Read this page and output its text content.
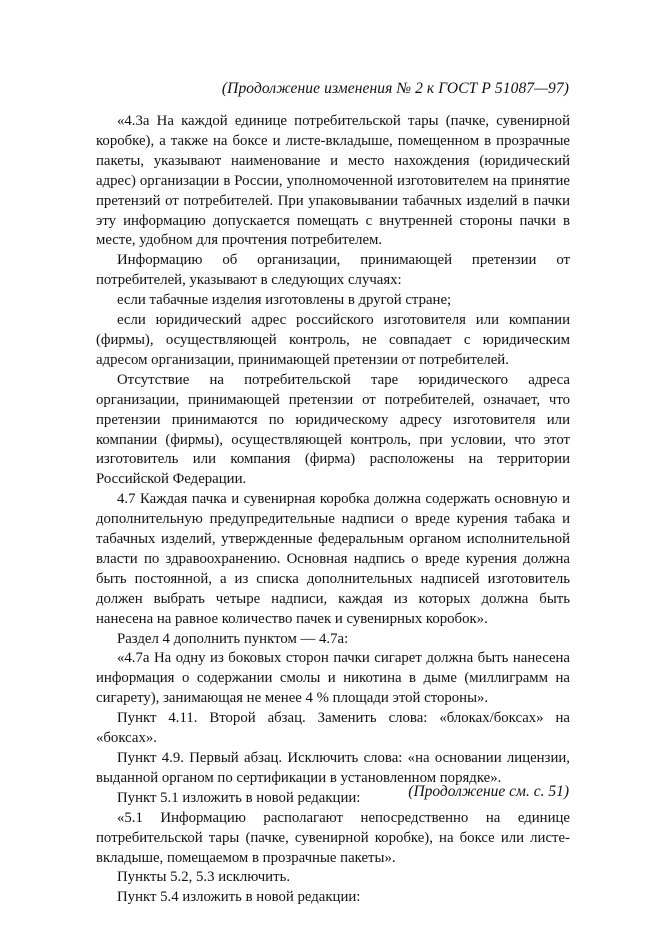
(Продолжение изменения № 2 к ГОСТ Р 51087—97)

«4.3а На каждой единице потребительской тары (пачке, сувенирной коробке), а также на боксе и листе-вкладыше, помещенном в прозрачные пакеты, указывают наименование и место нахождения (юридический адрес) организации в России, уполномоченной изготовителем на принятие претензий от потребителей. При упаковывании табачных изделий в пачки эту информацию допускается помещать с внутренней стороны пачки в месте, удобном для прочтения потребителем.

Информацию об организации, принимающей претензии от потребителей, указывают в следующих случаях:

если табачные изделия изготовлены в другой стране;

если юридический адрес российского изготовителя или компании (фирмы), осуществляющей контроль, не совпадает с юридическим адресом организации, принимающей претензии от потребителей.

Отсутствие на потребительской таре юридического адреса организации, принимающей претензии от потребителей, означает, что претензии принимаются по юридическому адресу изготовителя или компании (фирмы), осуществляющей контроль, при условии, что этот изготовитель или компания (фирма) расположены на территории Российской Федерации.

4.7 Каждая пачка и сувенирная коробка должна содержать основную и дополнительную предупредительные надписи о вреде курения табака и табачных изделий, утвержденные федеральным органом исполнительной власти по здравоохранению. Основная надпись о вреде курения должна быть постоянной, а из списка дополнительных надписей изготовитель должен выбрать четыре надписи, каждая из которых должна быть нанесена на равное количество пачек и сувенирных коробок».

Раздел 4 дополнить пунктом — 4.7а:

«4.7а На одну из боковых сторон пачки сигарет должна быть нанесена информация о содержании смолы и никотина в дыме (миллиграмм на сигарету), занимающая не менее 4 % площади этой стороны».

Пункт 4.11. Второй абзац. Заменить слова: «блоках/боксах» на «боксах».

Пункт 4.9. Первый абзац. Исключить слова: «на основании лицензии, выданной органом по сертификации в установленном порядке».

Пункт 5.1 изложить в новой редакции:

«5.1 Информацию располагают непосредственно на единице потребительской тары (пачке, сувенирной коробке), на боксе или листе-вкладыше, помещаемом в прозрачные пакеты».

Пункты 5.2, 5.3 исключить.

Пункт 5.4 изложить в новой редакции:

(Продолжение см. с. 51)
